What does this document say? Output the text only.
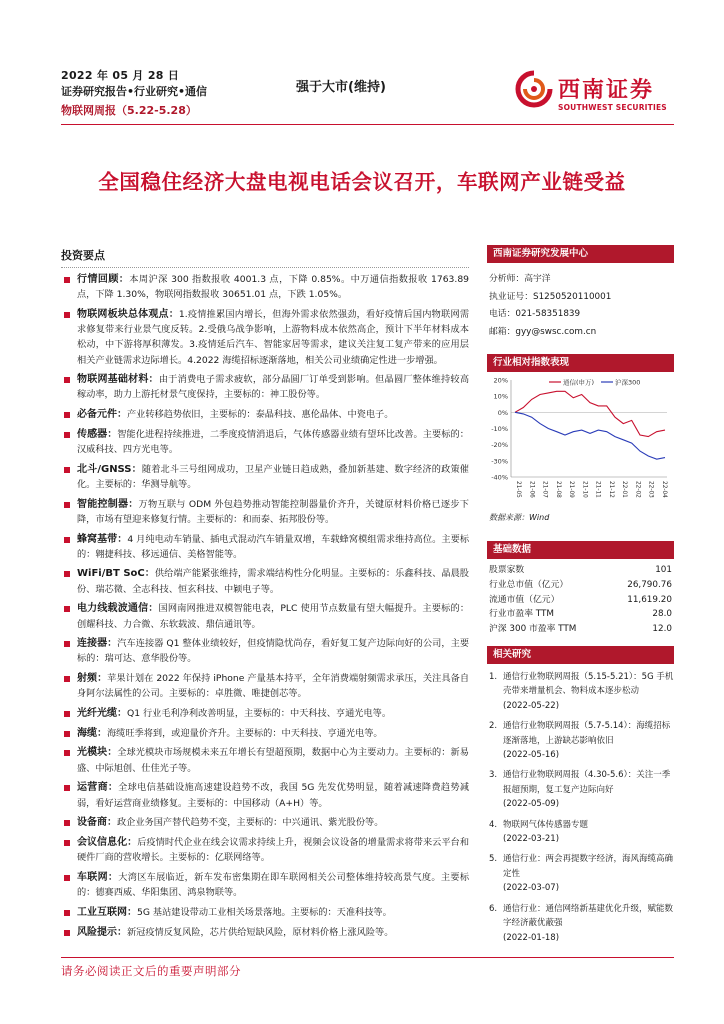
2022 年 05 月 28 日
证券研究报告•行业研究•通信
物联网周报（5.22-5.28）
强于大市(维持)	西南证券
SOUTHWEST SECURITIES
全国稳住经济大盘电视电话会议召开，车联网产业链受益
投资要点
行情回顾：本周沪深 300 指数报收 4001.3 点，下降 0.85%。中万通信指数报收 1763.89 点，下降 1.30%，物联网指数报收 30651.01 点，下跌 1.05%。
物联网板块总体观点：1.疫情推累国内增长，但海外需求依然强劲，看好疫情后国内物联网需求修复带来行业景气度反转。2.受俄乌战争影响，上游物料成本依然高企，预计下半年材料成本松动，中下游将厚积薄发。3.疫情延后汽车、智能家居等需求，建议关注复工复产带来的应用层相关产业链需求边际增长。4.2022 海缆招标逐渐落地，相关公司业绩确定性进一步增强。
物联网基础材料：由于消费电子需求疲软，部分晶圆厂订单受到影响。但晶圆厂整体维持较高稼动率，助力上游托材景气度保持，主要标的：神工股份等。
必备元件：产业转移趋势依旧，主要标的：泰晶科技、惠伦晶体、中瓷电子。
传感器：智能化进程持续推进，二季度疫情消退后，气体传感器业绩有望环比改善。主要标的：汉威科技、四方光电等。
北斗/GNSS：随着北斗三号组网成功，卫星产业链日趋成熟，叠加新基建、数字经济的政策催化。主要标的：华测导航等。
智能控制器：万物互联与 ODM 外包趋势推动智能控制器量价齐升，关键原材料价格已逐步下降，市场有望迎来修复行情。主要标的：和而泰、拓邦股份等。
蜂窝基带：4 月纯电动车销量、插电式混动汽车销量双增，车载蜂窝模组需求维持高位。主要标的：翱捷科技、移远通信、美格智能等。
WiFi/BT SoC：供给端产能紧张维持，需求端结构性分化明显。主要标的：乐鑫科技、晶晨股份、瑞芯微、全志科技、恒玄科技、中颖电子等。
电力线载波通信：国网南网推进双模智能电表，PLC 使用节点数量有望大幅提升。主要标的：创耀科技、力合微、东软载波、鼎信通讯等。
连接器：汽车连接器 Q1 整体业绩较好，但疫情隐忧尚存，看好复工复产边际向好的公司，主要标的：瑞可达、意华股份等。
射频：苹果计划在 2022 年保持 iPhone 产量基本持平，全年消费端射频需求承压，关注具备自身阿尔法属性的公司。主要标的：卓胜微、唯捷创芯等。
光纤光缆：Q1 行业毛利净利改善明显，主要标的：中天科技、亨通光电等。
海缆：海缆旺季将到，或迎量价齐升。主要标的：中天科技、亨通光电等。
光模块：全球光模块市场规模未来五年增长有望超预期，数据中心为主要动力。主要标的：新易盛、中际旭创、仕佳光子等。
运营商：全球电信基础设施高速建设趋势不改，我国 5G 先发优势明显，随着减速降费趋势减弱，看好运营商业绩修复。主要标的：中国移动（A+H）等。
设备商：政企业务国产替代趋势不变，主要标的：中兴通讯、紫光股份等。
会议信息化：后疫情时代企业在线会议需求持续上升，视频会议设备的增量需求将带来云平台和硬件厂商的营收增长。主要标的：亿联网络等。
车联网：大湾区车展临近，新车发布密集期在即车联网相关公司整体维持较高景气度。主要标的：德赛西威、华阳集团、鸿泉物联等。
工业互联网：5G 基站建设带动工业相关场景落地。主要标的：天准科技等。
风险提示：新冠疫情反复风险，芯片供给短缺风险，原材料价格上涨风险等。
西南证券研究发展中心
分析师：高宇洋
执业证号：S1250520110001
电话：021-58351839
邮箱：gyy@swsc.com.cn
行业相对指数表现
20%
10%
0%
-10%
-20%
-30%
-40%
21-05 21-06 21-07 21-08 21-09 21-10 21-11 21-12 22-01 22-02 22-03 22-04
通信(申万)	沪深300
数据来源：Wind
基础数据
股票家数	101
行业总市值（亿元）	26,790.76
流通市值（亿元）	11,619.20
行业市盈率 TTM	28.0
沪深 300 市盈率 TTM	12.0
相关研究
1. 通信行业物联网周报（5.15-5.21）：5G 手机壳带来增量机会、物料成本逐步松动
(2022-05-22)
2. 通信行业物联网周报（5.7-5.14）：海缆招标逐渐落地，上游缺芯影响依旧
(2022-05-16)
3. 通信行业物联网周报（4.30-5.6）：关注一季报超预期，复工复产边际向好
(2022-05-09)
4. 物联网气体传感器专题
(2022-03-21)
5. 通信行业：两会再提数字经济，海风海缆高确定性
(2022-03-07)
6. 通信行业：通信网络新基建优化升级，赋能数字经济蔽优蔽强
(2022-01-18)
请务必阅读正文后的重要声明部分
